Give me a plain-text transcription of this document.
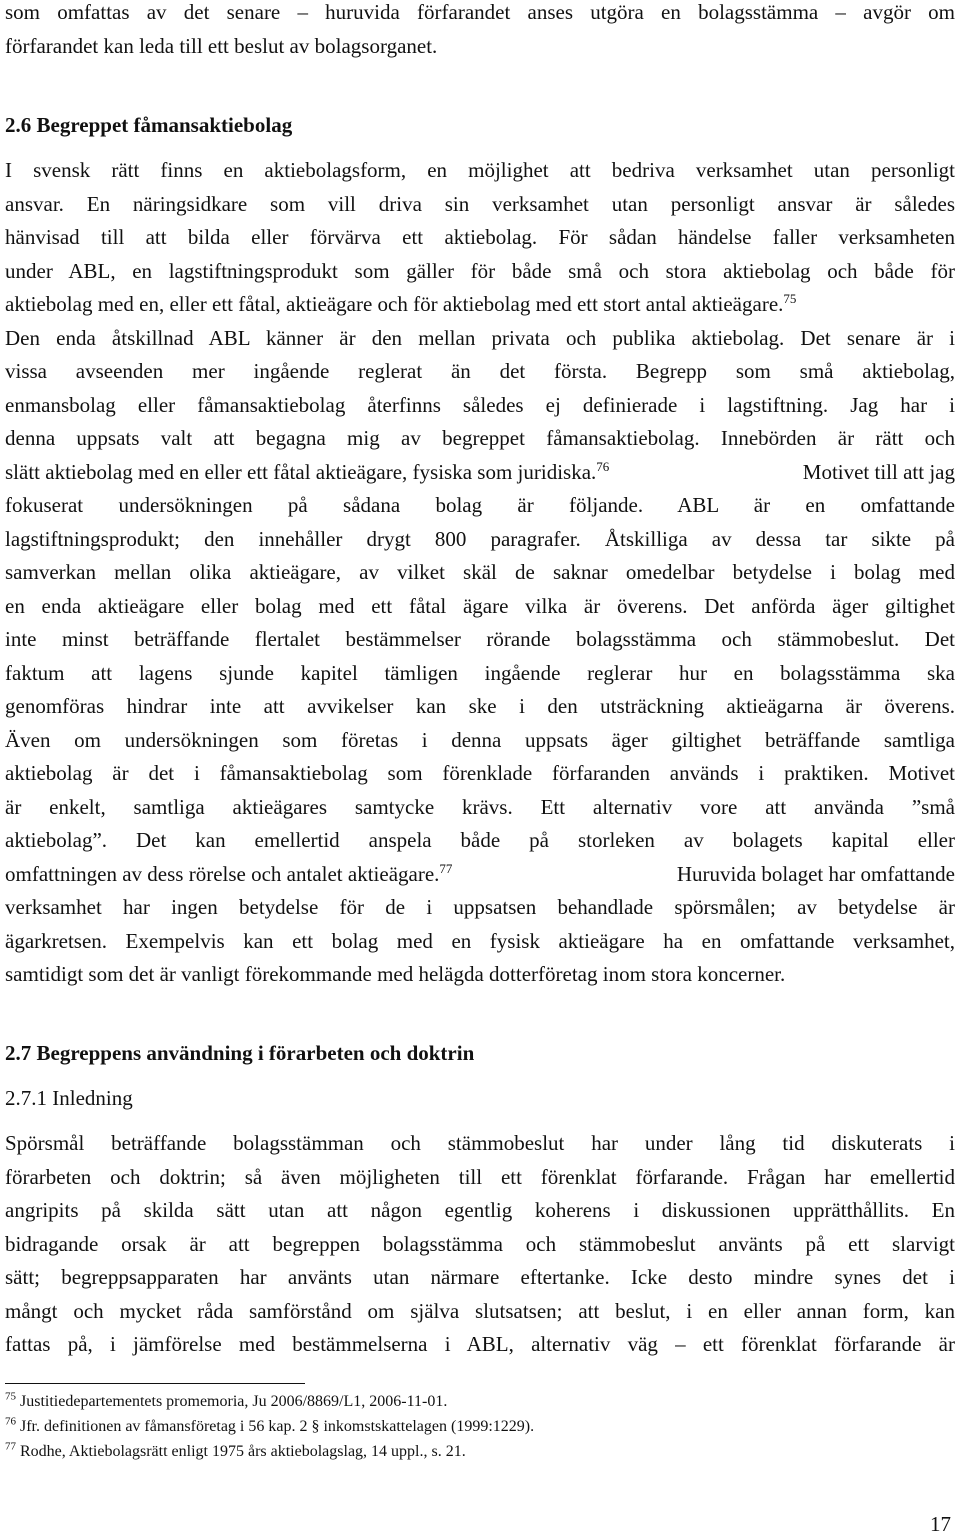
som omfattas av det senare – huruvida förfarandet anses utgöra en bolagsstämma – avgör om
förfarandet kan leda till ett beslut av bolagsorganet.
2.6 Begreppet fåmansaktiebolag
I svensk rätt finns en aktiebolagsform, en möjlighet att bedriva verksamhet utan personligt
ansvar. En näringsidkare som vill driva sin verksamhet utan personligt ansvar är således
hänvisad till att bilda eller förvärva ett aktiebolag. För sådan händelse faller verksamheten
under ABL, en lagstiftningsprodukt som gäller för både små och stora aktiebolag och både för
aktiebolag med en, eller ett fåtal, aktieägare och för aktiebolag med ett stort antal aktieägare.$^{75}$
Den enda åtskillnad ABL känner är den mellan privata och publika aktiebolag. Det senare är i
vissa avseenden mer ingående reglerat än det första. Begrepp som små aktiebolag,
enmansbolag eller fåmansaktiebolag återfinns således ej definierade i lagstiftning. Jag har i
denna uppsats valt att begagna mig av begreppet fåmansaktiebolag. Innebörden är rätt och
slätt aktiebolag med en eller ett fåtal aktieägare, fysiska som juridiska.$^{76}$	Motivet till att jag
fokuserat undersökningen på sådana bolag är följande. ABL är en omfattande
lagstiftningsprodukt; den innehåller drygt 800 paragrafer. Åtskilliga av dessa tar sikte på
samverkan mellan olika aktieägare, av vilket skäl de saknar omedelbar betydelse i bolag med
en enda aktieägare eller bolag med ett fåtal ägare vilka är överens. Det anförda äger giltighet
inte minst beträffande flertalet bestämmelser rörande bolagsstämma och stämmobeslut. Det
faktum att lagens sjunde kapitel tämligen ingående reglerar hur en bolagsstämma ska
genomföras hindrar inte att avvikelser kan ske i den utsträckning aktieägarna är överens.
Även om undersökningen som företas i denna uppsats äger giltighet beträffande samtliga
aktiebolag är det i fåmansaktiebolag som förenklade förfaranden används i praktiken. Motivet
är enkelt, samtliga aktieägares samtycke krävs. Ett alternativ vore att använda ”små
aktiebolag”. Det kan emellertid anspela både på storleken av bolagets kapital eller
omfattningen av dess rörelse och antalet aktieägare.$^{77}$	Huruvida bolaget har omfattande
verksamhet har ingen betydelse för de i uppsatsen behandlade spörsmålen; av betydelse är
ägarkretsen. Exempelvis kan ett bolag med en fysisk aktieägare ha en omfattande verksamhet,
samtidigt som det är vanligt förekommande med helägda dotterföretag inom stora koncerner.
2.7 Begreppens användning i förarbeten och doktrin
2.7.1 Inledning
Spörsmål beträffande bolagsstämman och stämmobeslut har under lång tid diskuterats i
förarbeten och doktrin; så även möjligheten till ett förenklat förfarande. Frågan har emellertid
angripits på skilda sätt utan att någon egentlig koherens i diskussionen upprätthållits. En
bidragande orsak är att begreppen bolagsstämma och stämmobeslut använts på ett slarvigt
sätt; begreppsapparaten har använts utan närmare eftertanke. Icke desto mindre synes det i
mångt och mycket råda samförstånd om själva slutsatsen; att beslut, i en eller annan form, kan
fattas på, i jämförelse med bestämmelserna i ABL, alternativ väg – ett förenklat förfarande är
$^{75}$ Justitiedepartementets promemoria, Ju 2006/8869/L1, 2006-11-01.
$^{76}$ Jfr. definitionen av fåmansföretag i 56 kap. 2 § inkomstskattelagen (1999:1229).
$^{77}$ Rodhe, Aktiebolagsrätt enligt 1975 års aktiebolagslag, 14 uppl., s. 21.
17
